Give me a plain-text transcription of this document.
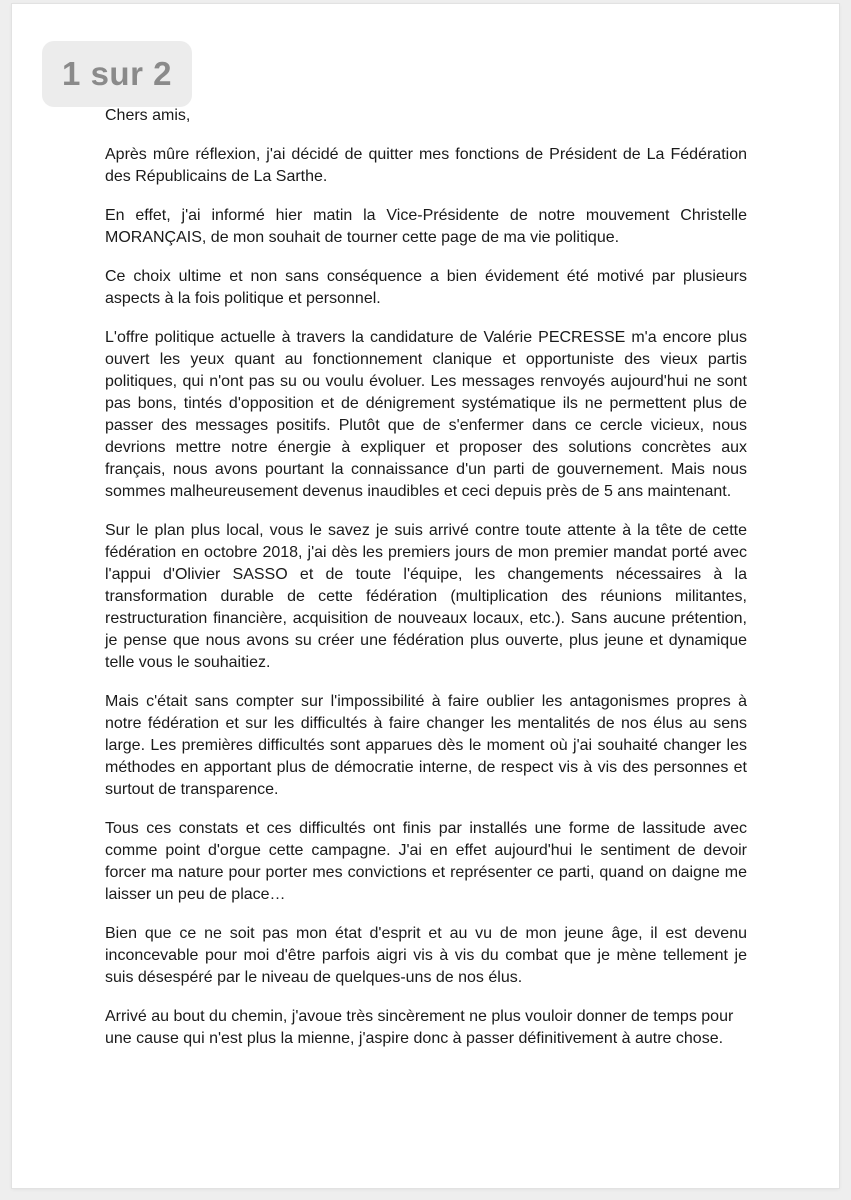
1 sur 2

Chers amis,

Après mûre réflexion, j'ai décidé de quitter mes fonctions de Président de La Fédération des Républicains de La Sarthe.

En effet, j'ai informé hier matin la Vice-Présidente de notre mouvement Christelle MORANÇAIS, de mon souhait de tourner cette page de ma vie politique.

Ce choix ultime et non sans conséquence a bien évidement été motivé par plusieurs aspects à la fois politique et personnel.

L'offre politique actuelle à travers la candidature de Valérie PECRESSE m'a encore plus ouvert les yeux quant au fonctionnement clanique et opportuniste des vieux partis politiques, qui n'ont pas su ou voulu évoluer. Les messages renvoyés aujourd'hui ne sont pas bons, tintés d'opposition et de dénigrement systématique ils ne permettent plus de passer des messages positifs. Plutôt que de s'enfermer dans ce cercle vicieux, nous devrions mettre notre énergie à expliquer et proposer des solutions concrètes aux français, nous avons pourtant la connaissance d'un parti de gouvernement. Mais nous sommes malheureusement devenus inaudibles et ceci depuis près de 5 ans maintenant.

Sur le plan plus local, vous le savez je suis arrivé contre toute attente à la tête de cette fédération en octobre 2018, j'ai dès les premiers jours de mon premier mandat porté avec l'appui d'Olivier SASSO et de toute l'équipe, les changements nécessaires à la transformation durable de cette fédération (multiplication des réunions militantes, restructuration financière, acquisition de nouveaux locaux, etc.). Sans aucune prétention, je pense que nous avons su créer une fédération plus ouverte, plus jeune et dynamique telle vous le souhaitiez.

Mais c'était sans compter sur l'impossibilité à faire oublier les antagonismes propres à notre fédération et sur les difficultés à faire changer les mentalités de nos élus au sens large. Les premières difficultés sont apparues dès le moment où j'ai souhaité changer les méthodes en apportant plus de démocratie interne, de respect vis à vis des personnes et surtout de transparence.

Tous ces constats et ces difficultés ont finis par installés une forme de lassitude avec comme point d'orgue cette campagne. J'ai en effet aujourd'hui le sentiment de devoir forcer ma nature pour porter mes convictions et représenter ce parti, quand on daigne me laisser un peu de place…

Bien que ce ne soit pas mon état d'esprit et au vu de mon jeune âge, il est devenu inconcevable pour moi d'être parfois aigri vis à vis du combat que je mène tellement je suis désespéré par le niveau de quelques-uns de nos élus.

Arrivé au bout du chemin, j'avoue très sincèrement ne plus vouloir donner de temps pour une cause qui n'est plus la mienne, j'aspire donc à passer définitivement à autre chose.
